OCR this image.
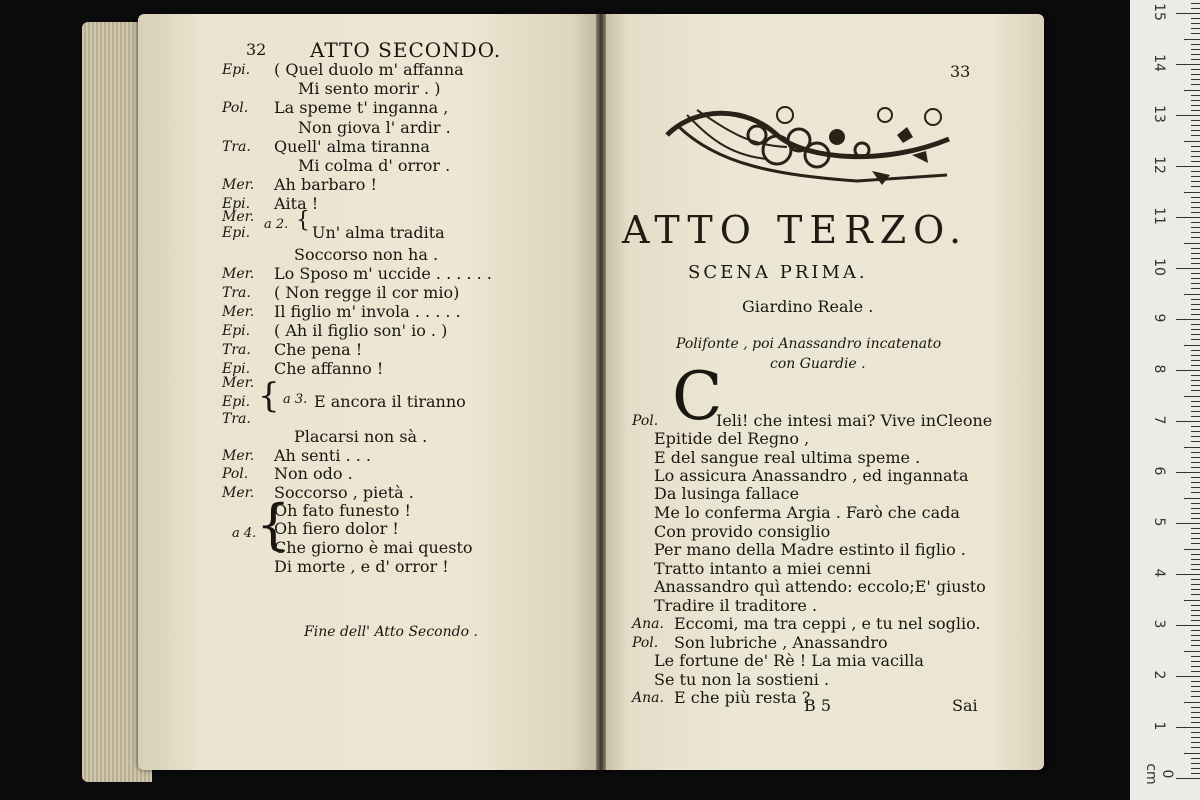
32 ATTO SECONDO.
Epi. ( Quel duolo m' affanna
Mi sento morir . )
Pol. La speme t' inganna ,
Non giova l' ardir .
Tra. Quell' alma tiranna
Mi colma d' orror .
Mer. Ah barbaro !
Epi. Aita !
Mer.
Epi.	Un' alma tradita
Soccorso non ha .
Mer. Lo Sposo m' uccide . . . . . .
Tra. ( Non regge il cor mio)
Mer. Il figlio m' invola . . . . .
Epi. ( Ah il figlio son' io . )
Tra. Che pena !
Epi. Che affanno !
Mer.
Epi.	E ancora il tiranno
Tra.
Placarsi non sà .
Mer. Ah senti . . .
Pol. Non odo .
Mer. Soccorso , pietà .
Oh fato funesto !
Oh fiero dolor !
Che giorno è mai questo
Di morte , e d' orror !
a 2. {
a 3.
{
a 4. {
Fine dell' Atto Secondo .
33
ATTO TERZO.
SCENA PRIMA.
Giardino Reale .
Polifonte , poi Anassandro incatenato
con Guardie .
C
Pol.	Ieli! che intesi mai? Vive inCleone
Epitide del Regno ,
E del sangue real ultima speme .
Lo assicura Anassandro , ed ingannata
Da lusinga fallace
Me lo conferma Argia . Farò che cada
Con provido consiglio
Per mano della Madre estinto il figlio .
Tratto intanto a miei cenni
Anassandro quì attendo: eccolo;E' giusto
Tradire il traditore .
Ana. Eccomi, ma tra ceppi , e tu nel soglio.
Pol. Son lubriche , Anassandro
Le fortune de' Rè ! La mia vacilla
Se tu non la sostieni .
Ana. E che più resta ?
B 5	Sai
1
2
3
4
5
6
7
8
9
10
11
12
13
14
15
0 cm
